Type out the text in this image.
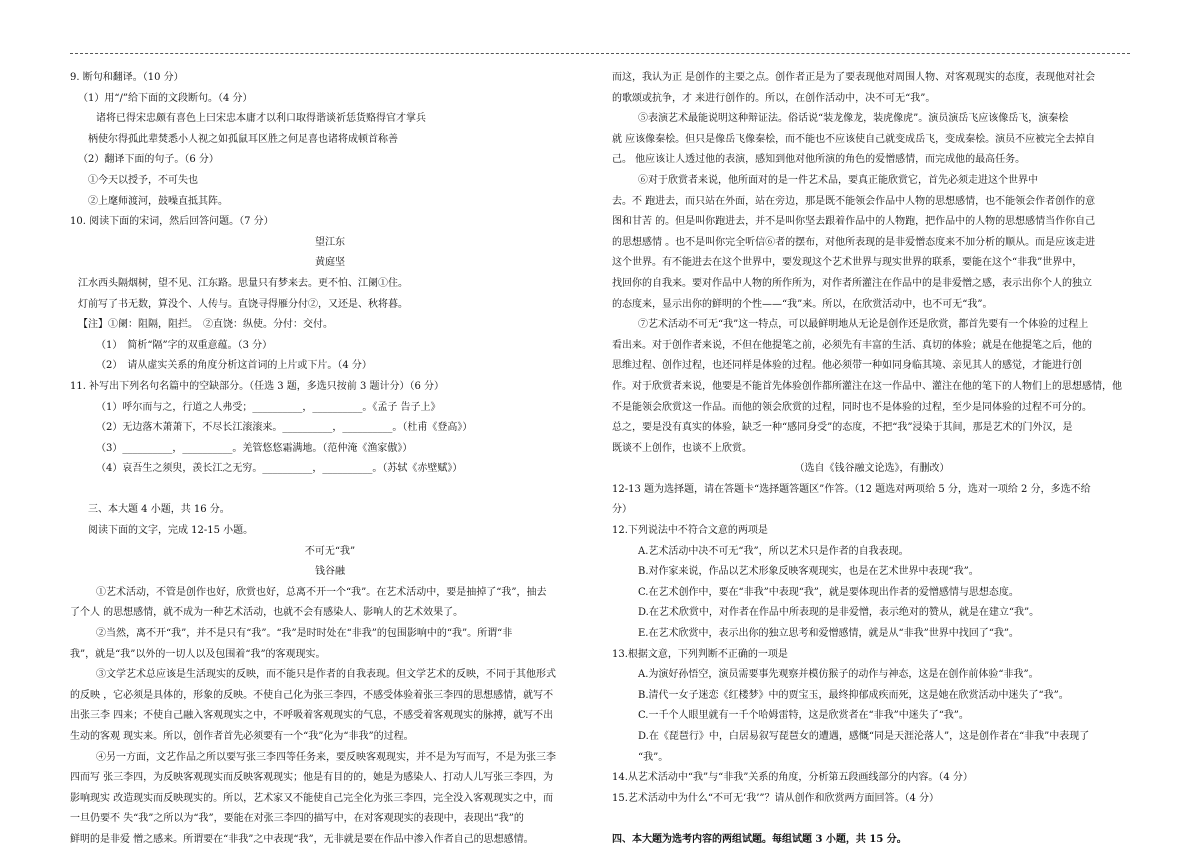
9. 断句和翻译。（10 分）
（1）用“/”给下面的文段断句。（4 分）
诸将已得宋忠颇有喜色上曰宋忠本庸才以利口取得谐谈祈恁货赂得官才掌兵
柄使尔得孤此辈焚悉小人视之如孤鼠耳区胜之何足喜也诸将成顿首称善
（2）翻译下面的句子。（6 分）
①今天以授予，不可失也
②上麾师渡河，鼓噪直抵其阵。
10. 阅读下面的宋词，然后回答问题。（7 分）
望江东
黄庭坚
江水西头隔烟树，望不见、江东路。思量只有梦来去。更不怕、江阑①住。
灯前写了书无数，算没个、人传与。直饶寻得雁分付②，又还是、秋将暮。
【注】①阑：阻隔，阻拦。　②直饶：纵使。分付：交付。
（1）　简析“隔”字的双重意蕴。（3 分）
（2）　请从虚实关系的角度分析这首词的上片或下片。（4 分）
11. 补写出下列名句名篇中的空缺部分。（任选 3 题，多选只按前 3 题计分）（6 分）
（1）呼尔而与之，行道之人弗受；__________，__________。《孟子 告子上》
（2）无边落木萧萧下，不尽长江滚滚来。__________，__________。（杜甫《登高》）
（3）__________，__________。羌管悠悠霜满地。（范仲淹《渔家傲》）
（4）哀吾生之须臾，羡长江之无穷。__________，__________。（苏轼《赤壁赋》）
三、本大题 4 小题，共 16 分。
阅读下面的文字，完成 12-15 小题。
不可无“我”
钱谷融
①艺术活动，不管是创作也好，欣赏也好，总离不开一个“我”。在艺术活动中，要是抽掉了“我”，抽去
了个人 的思想感情，就不成为一种艺术活动，也就不会有感染人、影响人的艺术效果了。
②当然，离不开“我”，并不是只有“我”。“我”是时时处在“非我”的包围影响中的“我”。所谓“非
我”，就是“我”以外的一切人以及包围着“我”的客观现实。
③文学艺术总应该是生活现实的反映，而不能只是作者的自我表现。但文学艺术的反映，不同于其他形式
的反映 ，它必须是具体的，形象的反映。不使自己化为张三李四，不感受体验着张三李四的思想感情，就写不
出张三李 四来；不使自己融入客观现实之中，不呼吸着客观现实的气息，不感受着客观现实的脉搏，就写不出
生动的客观 现实来。所以，创作者首先必须要有一个“我”化为“非我”的过程。
④另一方面，文艺作品之所以要写张三李四等任务来，要反映客观现实，并不是为写而写，不是为张三李
四而写 张三李四，为反映客观现实而反映客观现实；他是有目的的，她是为感染人、打动人儿写张三李四，为
影响现实 改造现实而反映现实的。所以，艺术家又不能使自己完全化为张三李四，完全没入客观现实之中，而
一旦仍要不 失“我”之所以为“我”，要能在对张三李四的描写中，在对客观现实的表现中，表现出“我”的
鲜明的是非爱 憎之感来。所谓要在“非我”之中表现“我”，无非就是要在作品中渗入作者自己的思想感情。
而这，我认为正 是创作的主要之点。创作者正是为了要表现他对周围人物、对客观现实的态度，表现他对社会
的歌颂或抗争，才 来进行创作的。所以，在创作活动中，决不可无“我”。
⑤表演艺术最能说明这种辩证法。俗话说“装龙像龙，装虎像虎”。演员演岳飞应该像岳飞，演秦桧
就 应该像秦桧。但只是像岳飞像秦桧，而不能也不应该使自己就变成岳飞，变成秦桧。演员不应被完全去掉自
己。 他应该让人透过他的表演，感知到他对他所演的角色的爱憎感情，而完成他的最高任务。
⑥对于欣赏者来说，他所面对的是一件艺术品，要真正能欣赏它，首先必须走进这个世界中
去。不 跑进去，而只站在外面，站在旁边，那是既不能领会作品中人物的思想感情，也不能领会作者创作的意
图和甘苦 的。但是叫你跑进去，并不是叫你坚去跟着作品中的人物跑，把作品中的人物的思想感情当作你自己
的思想感情 。也不是叫你完全听信⑥者的摆布，对他所表现的是非爱憎态度来不加分析的顺从。而是应该走进
这个世界。有不能进去在这个世界中，要发现这个艺术世界与现实世界的联系，要能在这个“非我”世界中，
找回你的自我来。要对作品中人物的所作所为，对作者所灌注在作品中的是非爱憎之感，表示出你个人的独立
的态度来，显示出你的鲜明的个性——“我”来。所以，在欣赏活动中，也不可无“我”。
⑦艺术活动不可无“我”这一特点，可以最鲜明地从无论是创作还是欣赏，都首先要有一个体验的过程上
看出来。对于创作者来说，不但在他提笔之前，必须先有丰富的生活、真切的体验；就是在他提笔之后，他的
思维过程、创作过程，也还同样是体验的过程。他必须带一种如同身临其境、亲见其人的感觉，才能进行创
作。对于欣赏者来说，他要是不能首先体验创作都所灌注在这一作品中、灌注在他的笔下的人物们上的思想感情，他
不是能领会欣赏这一作品。而他的领会欣赏的过程，同时也不是体验的过程，至少是同体验的过程不可分的。
总之，要是没有真实的体验，缺乏一种“感同身受”的态度，不把“我”浸染于其间，那是艺术的门外汉，是
既谈不上创作，也谈不上欣赏。
（选自《钱谷融文论选》，有删改）
12-13 题为选择题，请在答题卡“选择题答题区”作答。（12 题选对两项给 5 分，选对一项给 2 分，多选不给
分）
12.下列说法中不符合文意的两项是
A.艺术活动中决不可无“我”，所以艺术只是作者的自我表现。
B.对作家来说，作品以艺术形象反映客观现实，也是在艺术世界中表现“我”。
C.在艺术创作中，要在“非我”中表现“我”，就是要体现出作者的爱憎感情与思想态度。
D.在艺术欣赏中，对作者在作品中所表现的是非爱憎，表示绝对的赞从，就是在建立“我”。
E.在艺术欣赏中，表示出你的独立思考和爱憎感情，就是从“非我”世界中找回了“我”。
13.根据文意，下列判断不正确的一项是
A.为演好孙悟空，演员需要事先观察并模仿猴子的动作与神态，这是在创作前体验“非我”。
B.清代一女子迷恋《红楼梦》中的贾宝玉，最终抑郁成疾而死，这是她在欣赏活动中迷失了“我”。
C.一千个人眼里就有一千个哈姆雷特，这是欣赏者在“非我”中迷失了“我”。
D.在《琵琶行》中，白居易叙写琵琶女的遭遇，感慨“同是天涯沦落人”，这是创作者在“非我”中表现了
“我”。
14.从艺术活动中“我”与“非我”关系的角度，分析第五段画线部分的内容。（4 分）
15.艺术活动中为什么“不可无‘我’”？请从创作和欣赏两方面回答。（4 分）
四、本大题为选考内容的两组试题。每组试题 3 小题，共 15 分。
